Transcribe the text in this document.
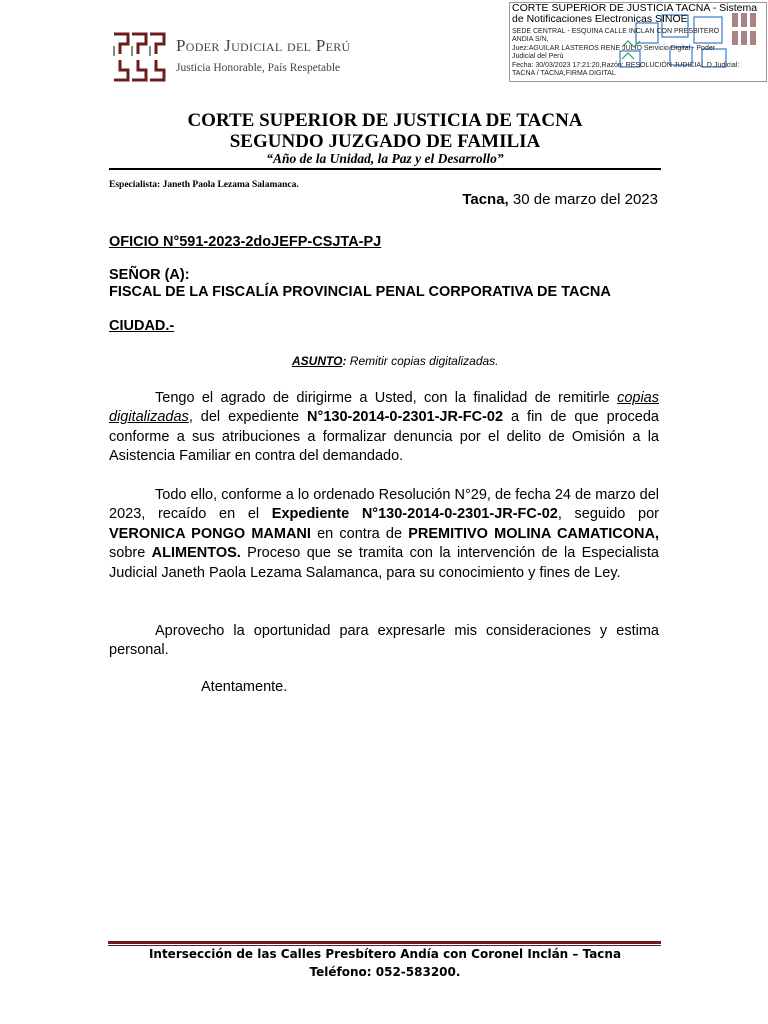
Poder Judicial del Perú
Justicia Honorable, País Respetable
CORTE SUPERIOR DE JUSTICIA TACNA - Sistema
de Notificaciones Electronicas SINOE
SEDE CENTRAL - ESQUINA CALLE INCLAN CON PRESBITERO
ANDIA S/N,
Juez:AGUILAR LASTEROS RENE JULIO Servicio Digital - Poder
Judicial del Perú
Fecha: 30/03/2023 17:21:20,Razón: RESOLUCIÓN JUDICIAL,D.Judicial:
TACNA / TACNA,FIRMA DIGITAL
CORTE SUPERIOR DE JUSTICIA DE TACNA
SEGUNDO JUZGADO DE FAMILIA
“Año de la Unidad, la Paz y el Desarrollo”
Especialista: Janeth Paola Lezama Salamanca.
Tacna, 30 de marzo del 2023
OFICIO N°591-2023-2doJEFP-CSJTA-PJ
SEÑOR (A):
FISCAL DE LA FISCALÍA PROVINCIAL PENAL CORPORATIVA DE TACNA
CIUDAD.-
ASUNTO: Remitir copias digitalizadas.

Tengo el agrado de dirigirme a Usted, con la finalidad de remitirle copias digitalizadas, del expediente N°130-2014-0-2301-JR-FC-02 a fin de que proceda conforme a sus atribuciones a formalizar denuncia por el delito de Omisión a la Asistencia Familiar en contra del demandado.

Todo ello, conforme a lo ordenado Resolución N°29, de fecha 24 de marzo del 2023, recaído en el Expediente N°130-2014-0-2301-JR-FC-02, seguido por VERONICA PONGO MAMANI en contra de PREMITIVO MOLINA CAMATICONA, sobre ALIMENTOS. Proceso que se tramita con la intervención de la Especialista Judicial Janeth Paola Lezama Salamanca, para su conocimiento y fines de Ley.

Aprovecho la oportunidad para expresarle mis consideraciones y estima personal.

Atentamente.
Intersección de las Calles Presbítero Andía con Coronel Inclán – Tacna
Teléfono: 052-583200.
